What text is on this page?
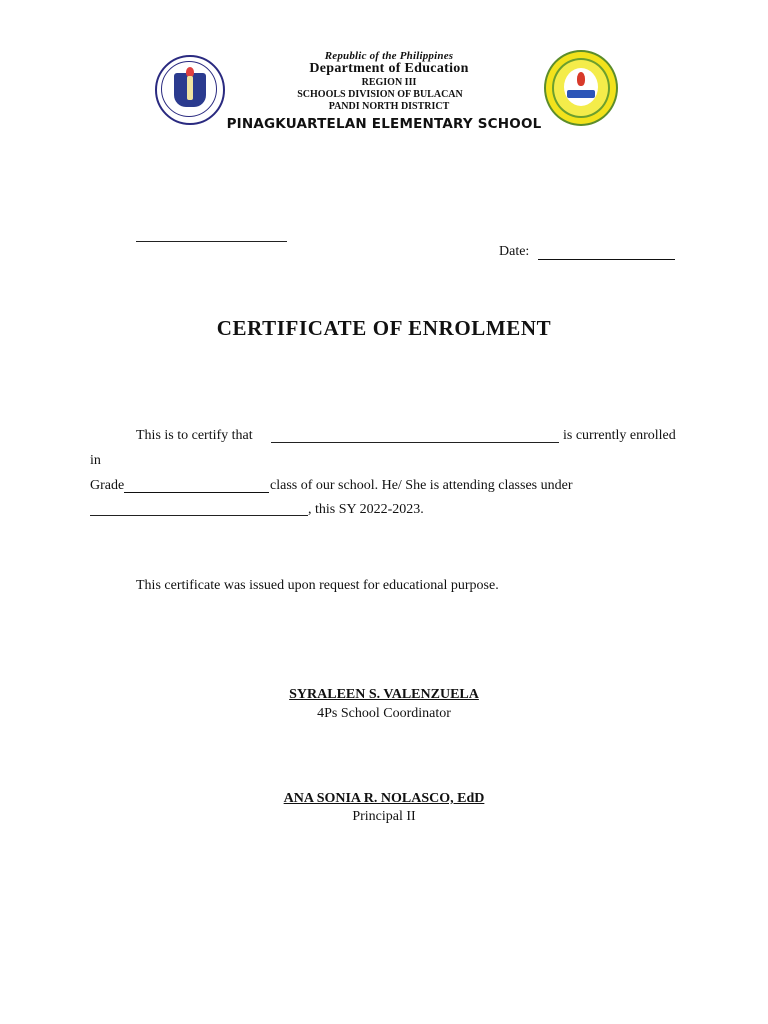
Republic of the Philippines
Department of Education
REGION III
SCHOOLS DIVISION OF BULACAN
PANDI NORTH DISTRICT
PINAGKUARTELAN ELEMENTARY SCHOOL
Date:
CERTIFICATE OF ENROLMENT
This is to certify that	is currently enrolled
in
Grade	class of our school. He/ She is attending classes under
, this SY 2022-2023.
This certificate was issued upon request for educational purpose.
SYRALEEN S. VALENZUELA
4Ps School Coordinator
ANA SONIA R. NOLASCO, EdD
Principal II
